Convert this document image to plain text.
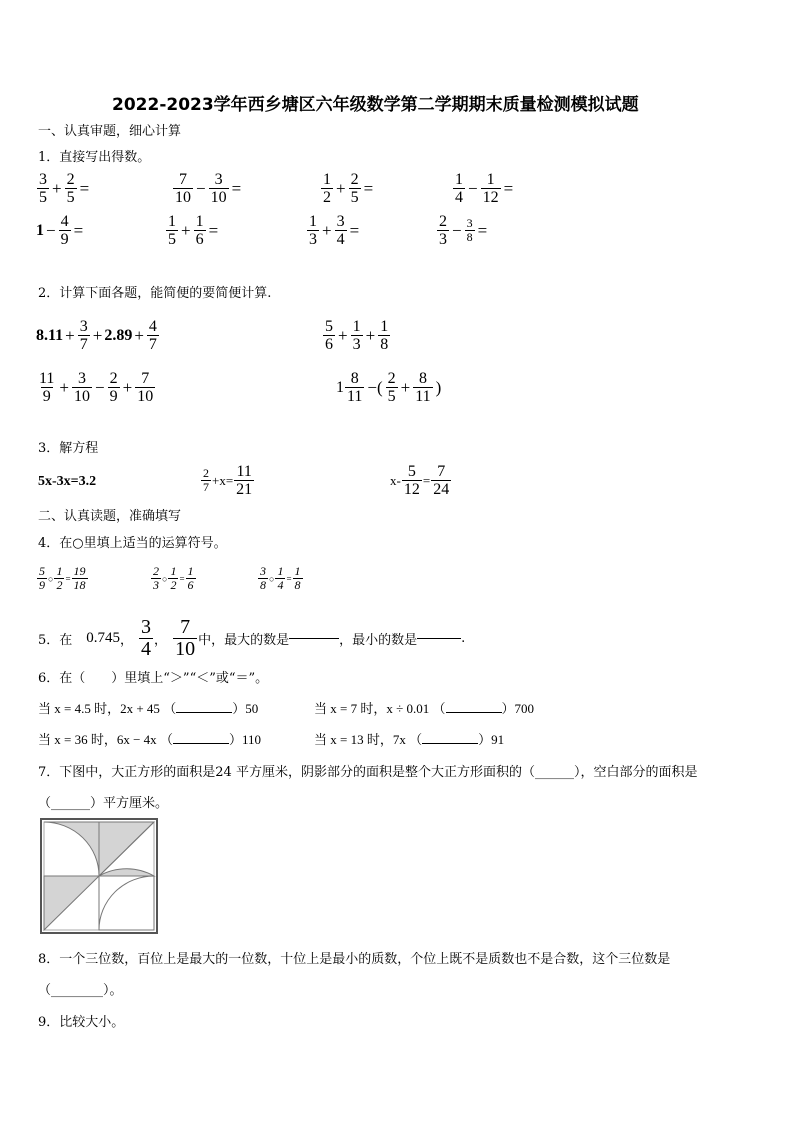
2022-2023学年西乡塘区六年级数学第二学期期末质量检测模拟试题
一、认真审题，细心计算
1．直接写出得数。
$\frac{3}{5} + \frac{2}{5}$ =	$\frac{7}{10} - \frac{3}{10}$ =	$\frac{1}{2} + \frac{2}{5}$ =	$\frac{1}{4} - \frac{1}{12}$ =
$1 - \frac{4}{9}$ =	$\frac{1}{5} + \frac{1}{6}$ =	$\frac{1}{3} + \frac{3}{4}$ =	$\frac{2}{3} - \frac{3}{8}$ =
2．计算下面各题，能简便的要简便计算.
$8.11 + \frac{3}{7} + 2.89 + \frac{4}{7}$	$\frac{5}{6} + \frac{1}{3} + \frac{1}{8}$
$\frac{11}{9} + \frac{3}{10} - \frac{2}{9} + \frac{7}{10}$	$1 \frac{8}{11}$ −( $\frac{2}{5} + \frac{8}{11}$ )
3．解方程
5x-3x=3.2	$\frac{2}{7} +x= \frac{11}{21}$	$x- \frac{5}{12} = \frac{7}{24}$
二、认真读题，准确填写
4．在○里填上适当的运算符号。
$\frac{5}{9}$ ○ $\frac{1}{2} = \frac{19}{18}$	$\frac{2}{3}$ ○ $\frac{1}{2} = \frac{1}{6}$	$\frac{3}{8}$ ○ $\frac{1}{4} = \frac{1}{8}$
5．在 0.745 ， $\frac{3}{4}$ ， $\frac{7}{10}$ 中，最大的数是	，最小的数是	.
6．在（　　）里填上“＞”“＜”或“＝”。
当 x = 4.5 时，2x + 45 （	）50	当 x = 7 时，x ÷ 0.01 （	）700
当 x = 36 时，6x − 4x （	）110	当 x = 13 时，7x （	）91
7．下图中，大正方形的面积是24 平方厘米，阴影部分的面积是整个大正方形面积的（______），空白部分的面积是
（______）平方厘米。
8．一个三位数，百位上是最大的一位数，十位上是最小的质数，个位上既不是质数也不是合数，这个三位数是
（________）。
9．比较大小。
